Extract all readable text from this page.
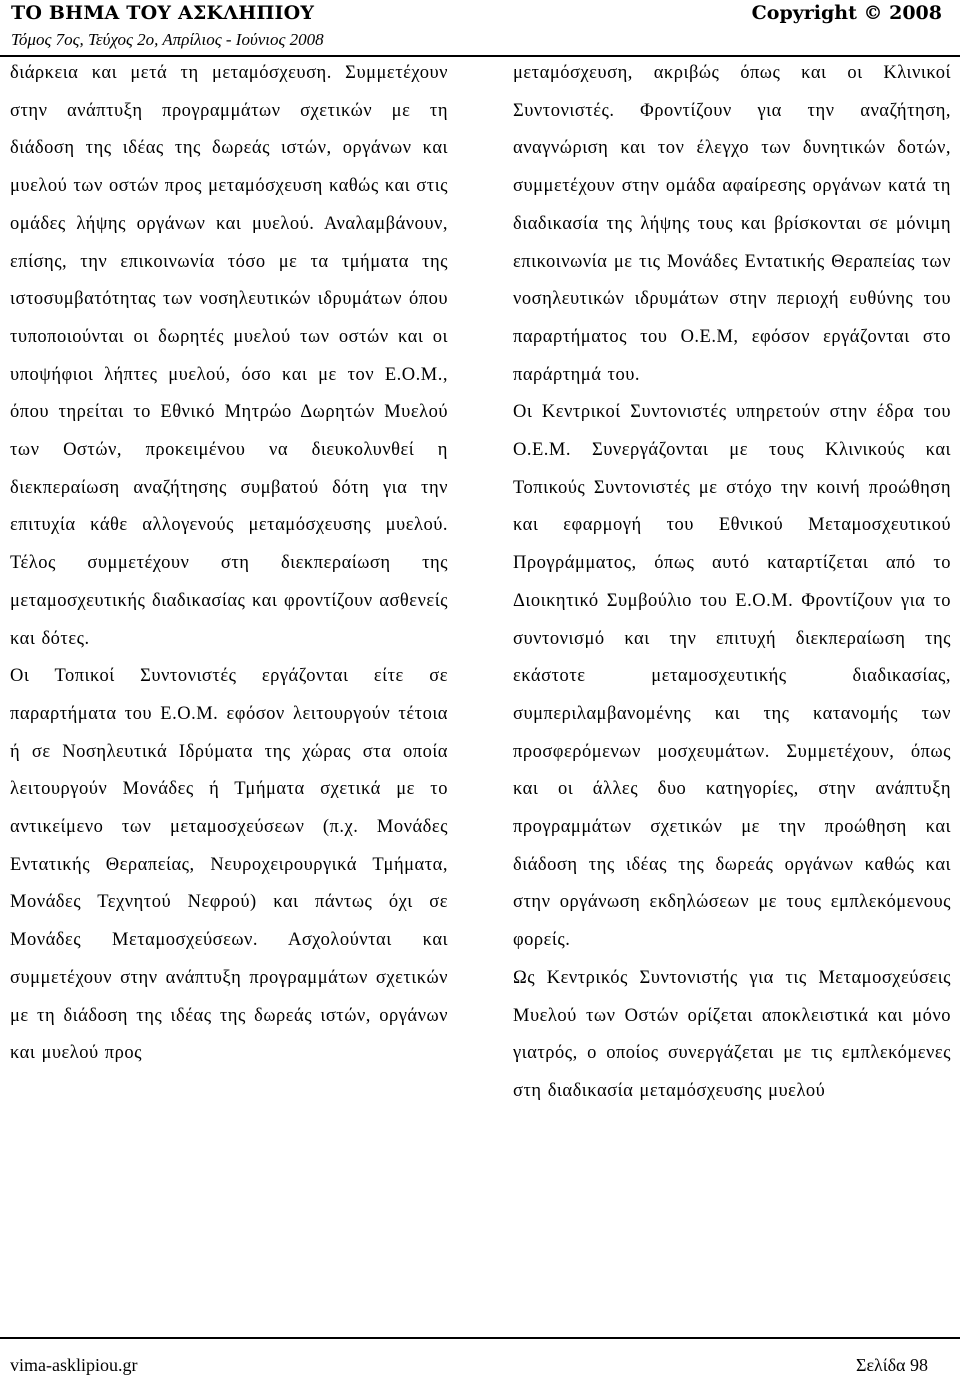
ΤΟ ΒΗΜΑ ΤΟΥ ΑΣΚΛΗΠΙΟΥ	Copyright © 2008
Τόμος 7ος, Τεύχος 2ο, Απρίλιος - Ιούνιος 2008

διάρκεια και μετά τη μεταμόσχευση. Συμμετέχουν στην ανάπτυξη προγραμμάτων σχετικών με τη διάδοση της ιδέας της δωρεάς ιστών, οργάνων και μυελού των οστών προς μεταμόσχευση καθώς και στις ομάδες λήψης οργάνων και μυελού. Αναλαμβάνουν, επίσης, την επικοινωνία τόσο με τα τμήματα της ιστοσυμβατότητας των νοσηλευτικών ιδρυμάτων όπου τυποποιούνται οι δωρητές μυελού των οστών και οι υποψήφιοι λήπτες μυελού, όσο και με τον Ε.Ο.Μ., όπου τηρείται το Εθνικό Μητρώο Δωρητών Μυελού των Οστών, προκειμένου να διευκολυνθεί η διεκπεραίωση αναζήτησης συμβατού δότη για την επιτυχία κάθε αλλογενούς μεταμόσχευσης μυελού. Τέλος συμμετέχουν στη διεκπεραίωση της μεταμοσχευτικής διαδικασίας και φροντίζουν ασθενείς και δότες.

Οι Τοπικοί Συντονιστές εργάζονται είτε σε παραρτήματα του Ε.Ο.Μ. εφόσον λειτουργούν τέτοια ή σε Νοσηλευτικά Ιδρύματα της χώρας στα οποία λειτουργούν Μονάδες ή Τμήματα σχετικά με το αντικείμενο των μεταμοσχεύσεων (π.χ. Μονάδες Εντατικής Θεραπείας, Νευροχειρουργικά Τμήματα, Μονάδες Τεχνητού Νεφρού) και πάντως όχι σε Μονάδες Μεταμοσχεύσεων. Ασχολούνται και συμμετέχουν στην ανάπτυξη προγραμμάτων σχετικών με τη διάδοση της ιδέας της δωρεάς ιστών, οργάνων και μυελού προς

μεταμόσχευση, ακριβώς όπως και οι Κλινικοί Συντονιστές. Φροντίζουν για την αναζήτηση, αναγνώριση και τον έλεγχο των δυνητικών δοτών, συμμετέχουν στην ομάδα αφαίρεσης οργάνων κατά τη διαδικασία της λήψης τους και βρίσκονται σε μόνιμη επικοινωνία με τις Μονάδες Εντατικής Θεραπείας των νοσηλευτικών ιδρυμάτων στην περιοχή ευθύνης του παραρτήματος του Ο.Ε.Μ, εφόσον εργάζονται στο παράρτημά του.

Οι Κεντρικοί Συντονιστές υπηρετούν στην έδρα του Ο.Ε.Μ. Συνεργάζονται με τους Κλινικούς και Τοπικούς Συντονιστές με στόχο την κοινή προώθηση και εφαρμογή του Εθνικού Μεταμοσχευτικού Προγράμματος, όπως αυτό καταρτίζεται από το Διοικητικό Συμβούλιο του Ε.Ο.Μ. Φροντίζουν για το συντονισμό και την επιτυχή διεκπεραίωση της εκάστοτε μεταμοσχευτικής διαδικασίας, συμπεριλαμβανομένης και της κατανομής των προσφερόμενων μοσχευμάτων. Συμμετέχουν, όπως και οι άλλες δυο κατηγορίες, στην ανάπτυξη προγραμμάτων σχετικών με την προώθηση και διάδοση της ιδέας της δωρεάς οργάνων καθώς και στην οργάνωση εκδηλώσεων με τους εμπλεκόμενους φορείς.

Ως Κεντρικός Συντονιστής για τις Μεταμοσχεύσεις Μυελού των Οστών ορίζεται αποκλειστικά και μόνο γιατρός, ο οποίος συνεργάζεται με τις εμπλεκόμενες στη διαδικασία μεταμόσχευσης μυελού

vima-asklipiou.gr	Σελίδα 98
